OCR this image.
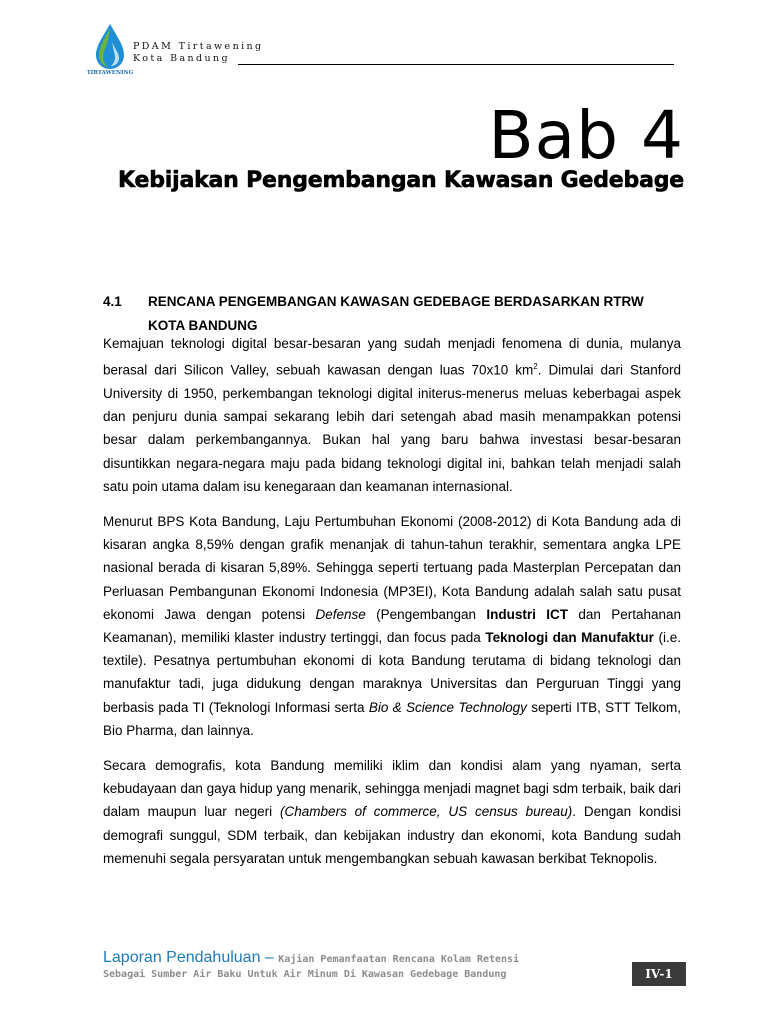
TIRTAWENING
PDAM Tirtawening
Kota Bandung
Bab 4
Kebijakan Pengembangan Kawasan Gedebage
4.1 RENCANA PENGEMBANGAN KAWASAN GEDEBAGE BERDASARKAN RTRW
KOTA BANDUNG

Kemajuan teknologi digital besar-besaran yang sudah menjadi fenomena di dunia, mulanya berasal dari Silicon Valley, sebuah kawasan dengan luas 70x10 $km^2$. Dimulai dari Stanford University di 1950, perkembangan teknologi digital initerus-menerus meluas keberbagai aspek dan penjuru dunia sampai sekarang lebih dari setengah abad masih menampakkan potensi besar dalam perkembangannya. Bukan hal yang baru bahwa investasi besar-besaran disuntikkan negara-negara maju pada bidang teknologi digital ini, bahkan telah menjadi salah satu poin utama dalam isu kenegaraan dan keamanan internasional.

Menurut BPS Kota Bandung, Laju Pertumbuhan Ekonomi (2008-2012) di Kota Bandung ada di kisaran angka 8,59% dengan grafik menanjak di tahun-tahun terakhir, sementara angka LPE nasional berada di kisaran 5,89%. Sehingga seperti tertuang pada Masterplan Percepatan dan Perluasan Pembangunan Ekonomi Indonesia (MP3EI), Kota Bandung adalah salah satu pusat ekonomi Jawa dengan potensi Defense (Pengembangan Industri ICT dan Pertahanan Keamanan), memiliki klaster industry tertinggi, dan focus pada Teknologi dan Manufaktur (i.e. textile). Pesatnya pertumbuhan ekonomi di kota Bandung terutama di bidang teknologi dan manufaktur tadi, juga didukung dengan maraknya Universitas dan Perguruan Tinggi yang berbasis pada TI (Teknologi Informasi serta Bio & Science Technology seperti ITB, STT Telkom, Bio Pharma, dan lainnya.

Secara demografis, kota Bandung memiliki iklim dan kondisi alam yang nyaman, serta kebudayaan dan gaya hidup yang menarik, sehingga menjadi magnet bagi sdm terbaik, baik dari dalam maupun luar negeri (Chambers of commerce, US census bureau). Dengan kondisi demografi sunggul, SDM terbaik, dan kebijakan industry dan ekonomi, kota Bandung sudah memenuhi segala persyaratan untuk mengembangkan sebuah kawasan berkibat Teknopolis.

Laporan Pendahuluan – Kajian Pemanfaatan Rencana Kolam Retensi
Sebagai Sumber Air Baku Untuk Air Minum Di Kawasan Gedebage Bandung	IV-1
